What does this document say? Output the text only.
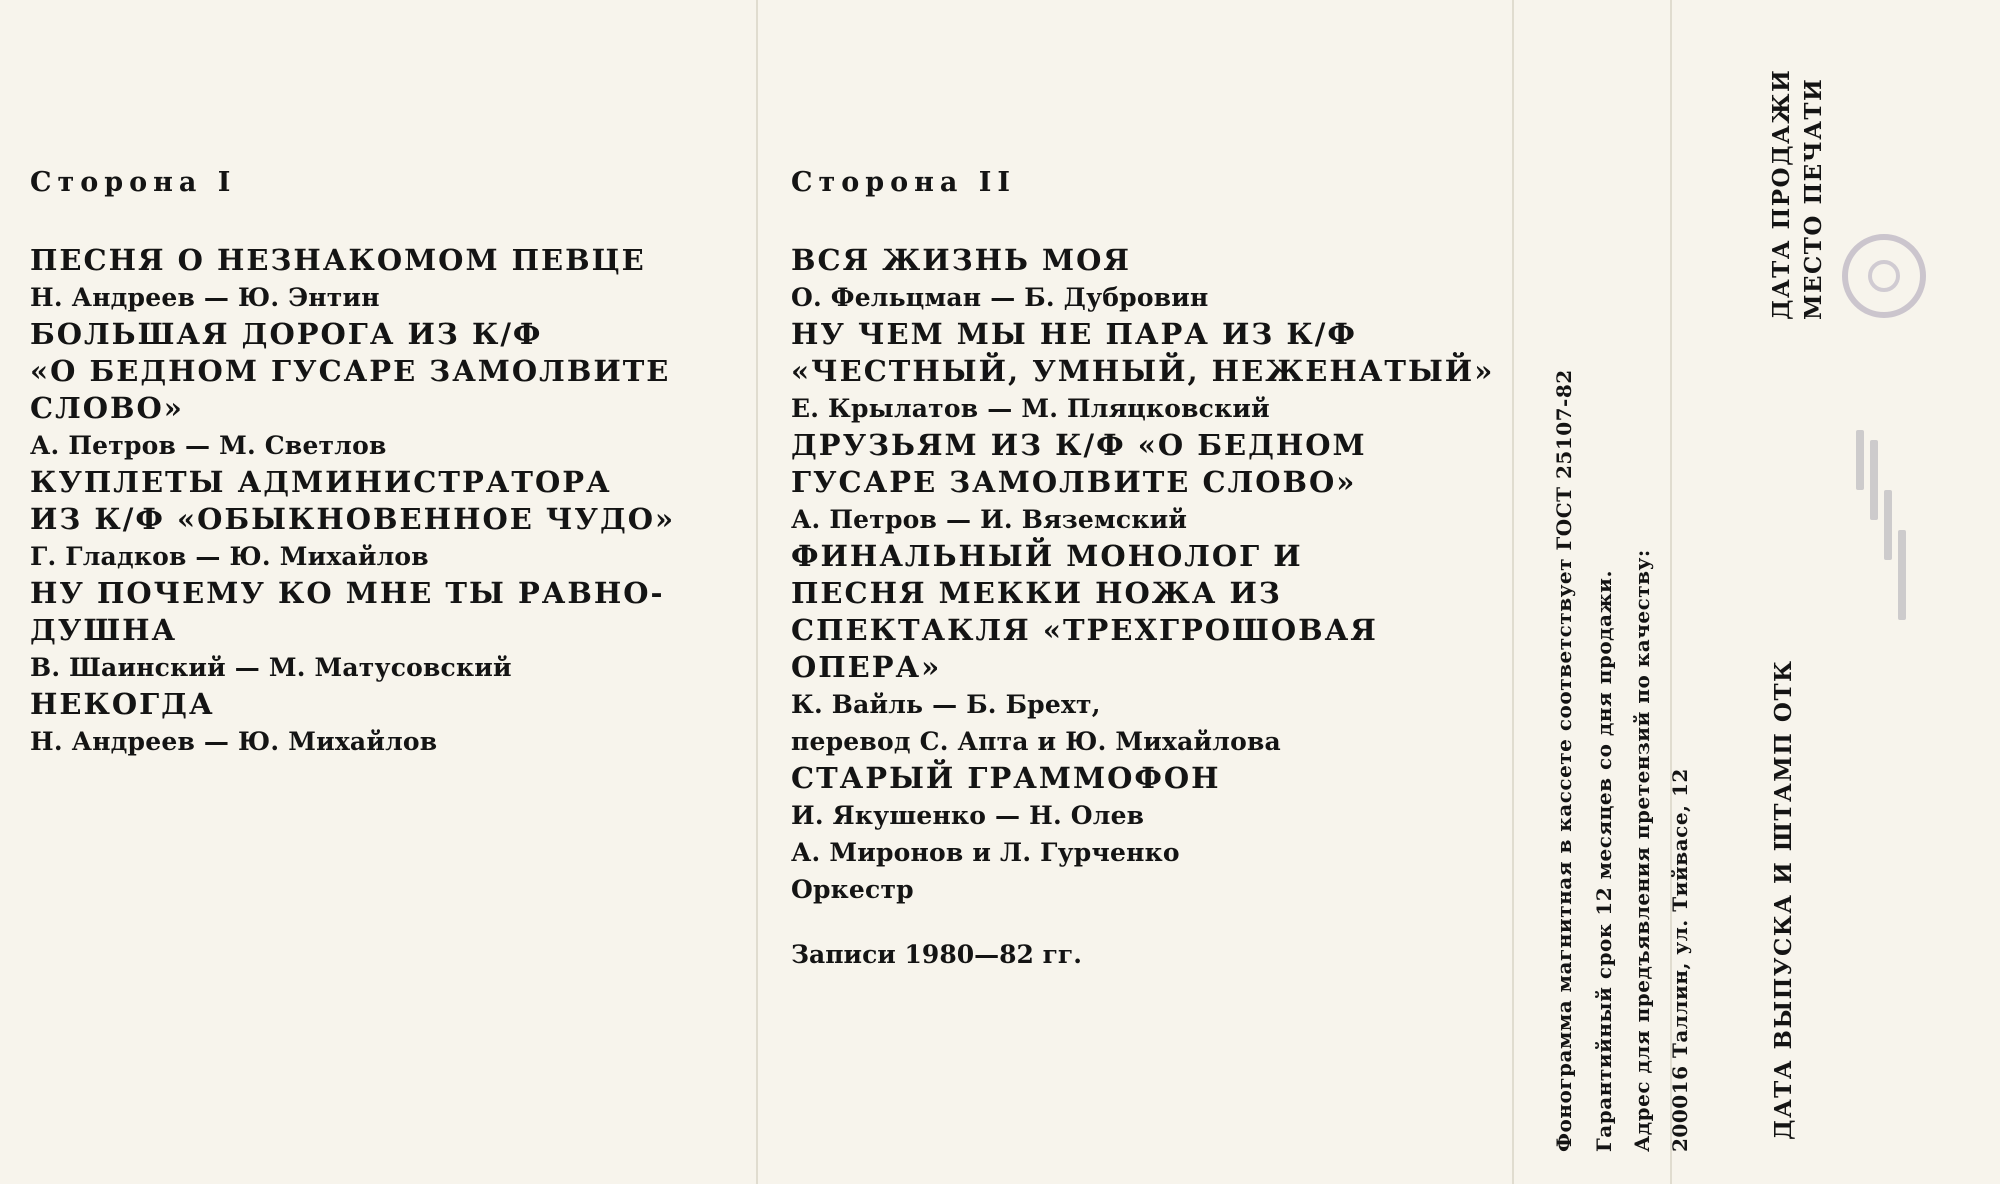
Сторона I
ПЕСНЯ О НЕЗНАКОМОМ ПЕВЦЕ
Н. Андреев — Ю. Энтин
БОЛЬШАЯ ДОРОГА ИЗ К/Ф
«О БЕДНОМ ГУСАРЕ ЗАМОЛВИТЕ
СЛОВО»
А. Петров — М. Светлов
КУПЛЕТЫ АДМИНИСТРАТОРА
ИЗ К/Ф «ОБЫКНОВЕННОЕ ЧУДО»
Г. Гладков — Ю. Михайлов
НУ ПОЧЕМУ КО МНЕ ТЫ РАВНО-
ДУШНА
В. Шаинский — М. Матусовский
НЕКОГДА
Н. Андреев — Ю. Михайлов
Сторона II
ВСЯ ЖИЗНЬ МОЯ
О. Фельцман — Б. Дубровин
НУ ЧЕМ МЫ НЕ ПАРА ИЗ К/Ф
«ЧЕСТНЫЙ, УМНЫЙ, НЕЖЕНАТЫЙ»
Е. Крылатов — М. Пляцковский
ДРУЗЬЯМ ИЗ К/Ф «О БЕДНОМ
ГУСАРЕ ЗАМОЛВИТЕ СЛОВО»
А. Петров — И. Вяземский
ФИНАЛЬНЫЙ МОНОЛОГ И
ПЕСНЯ МЕККИ НОЖА ИЗ
СПЕКТАКЛЯ «ТРЕХГРОШОВАЯ
ОПЕРА»
К. Вайль — Б. Брехт,
перевод С. Апта и Ю. Михайлова
СТАРЫЙ ГРАММОФОН
И. Якушенко — Н. Олев
А. Миронов и Л. Гурченко
Оркестр
Записи 1980—82 гг.	Фонограмма магнитная в кассете соответствует ГОСТ 25107-82 Гарантийный срок 12 месяцев со дня продажи. Адрес для предъявления претензий по качеству: 200016 Таллин, ул. Тийвасе, 12	ДАТА ВЫПУСКА И ШТАМП ОТК
ДАТА ПРОДАЖИ МЕСТО ПЕЧАТИ
